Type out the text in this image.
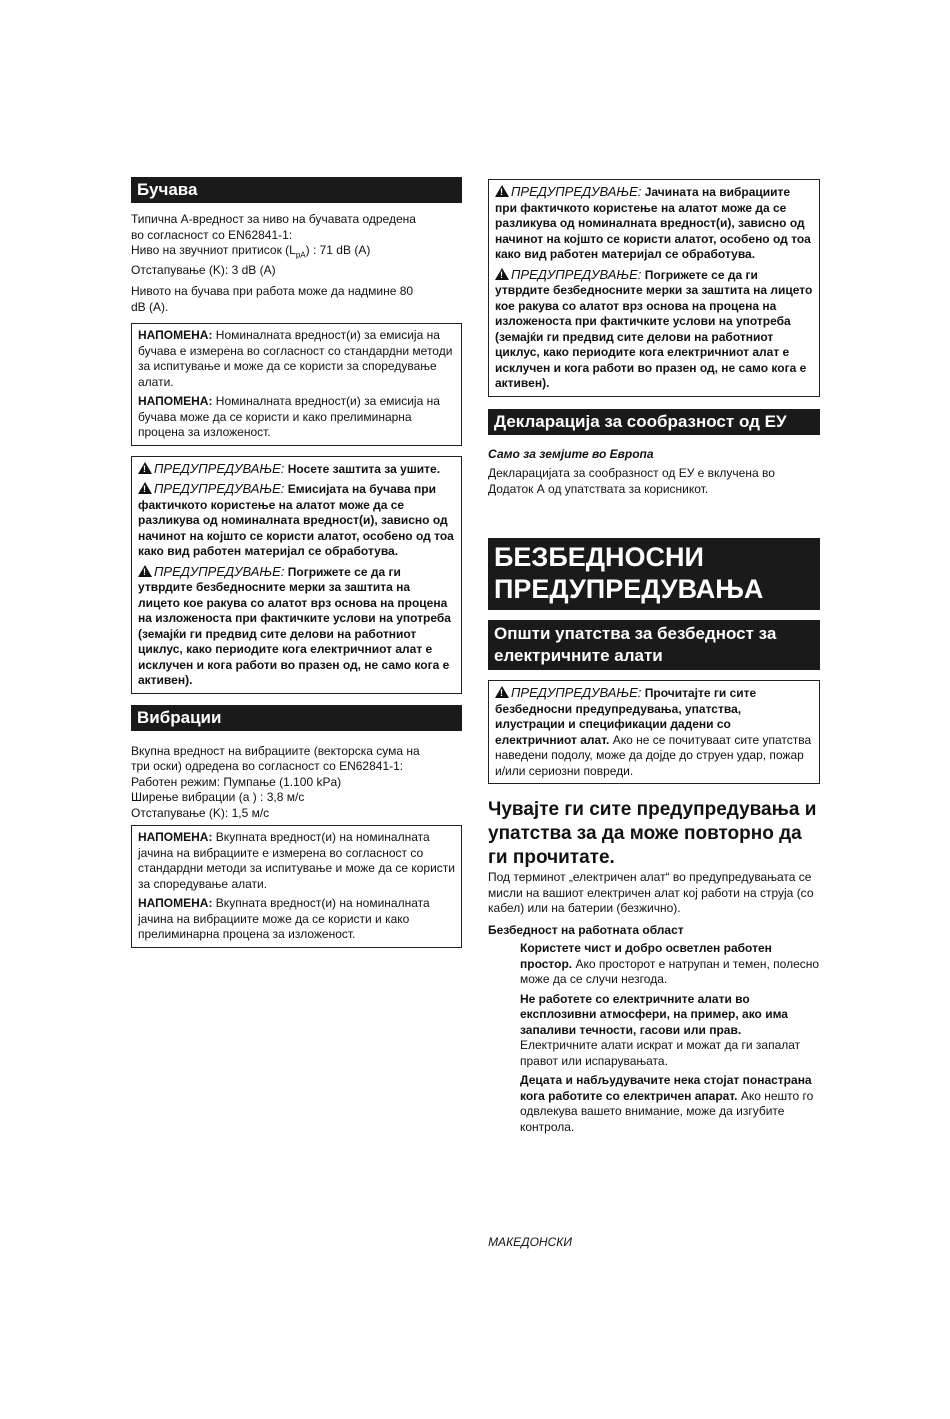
Бучава

Типична A-вредност за ниво на бучавата одредена
во согласност со EN62841-1:
Ниво на звучниот притисок $(L_{pA})$ : 71 dB (A)
Отстапување (K): 3 dB (A)

Нивото на бучава при работа може да надмине 80 dB (A).

НАПОМЕНА: Номиналната вредност(и) за емисија на бучава е измерена во согласност со стандардни методи за испитување и може да се користи за споредување алати.

НАПОМЕНА: Номиналната вредност(и) за емисија на бучава може да се користи и како прелиминарна процена за изложеност.

!ПРЕДУПРЕДУВАЊЕ: Носете заштита за ушите.

!ПРЕДУПРЕДУВАЊЕ: Емисијата на бучава при фактичкото користење на алатот може да се разликува од номиналната вредност(и), зависно од начинот на којшто се користи алатот, особено од тоа како вид работен материјал се обработува.

!ПРЕДУПРЕДУВАЊЕ: Погрижете се да ги утврдите безбедносните мерки за заштита на лицето кое ракува со алатот врз основа на процена на изложеноста при фактичките услови на употреба (земајќи ги предвид сите делови на работниот циклус, како периодите кога електричниот алат е исклучен и кога работи во празен од, не само кога е активен).

Вибрации

Вкупна вредност на вибрациите (векторска сума на
три оски) одредена во согласност со EN62841-1:
Работен режим: Пумпање (1.100 kPa)
Ширење вибрации (a ) : 3,8 м/с
Отстапување (K): 1,5 м/с

НАПОМЕНА: Вкупната вредност(и) на номиналната јачина на вибрациите е измерена во согласност со стандардни методи за испитување и може да се користи за споредување алати.

НАПОМЕНА: Вкупната вредност(и) на номиналната јачина на вибрациите може да се користи и како прелиминарна процена за изложеност.

!ПРЕДУПРЕДУВАЊЕ: Јачината на вибрациите при фактичкото користење на алатот може да се разликува од номиналната вредност(и), зависно од начинот на којшто се користи алатот, особено од тоа како вид работен материјал се обработува.

!ПРЕДУПРЕДУВАЊЕ: Погрижете се да ги утврдите безбедносните мерки за заштита на лицето кое ракува со алатот врз основа на процена на изложеноста при фактичките услови на употреба (земајќи ги предвид сите делови на работниот циклус, како периодите кога електричниот алат е исклучен и кога работи во празен од, не само кога е активен).

Декларација за сообразност од ЕУ

Само за земјите во Европа

Декларацијата за сообразност од ЕУ е вклучена во Додаток А од упатствата за корисникот.

БЕЗБЕДНОСНИ
ПРЕДУПРЕДУВАЊА
Општи упатства за безбедност за
електричните алати

!ПРЕДУПРЕДУВАЊЕ: Прочитајте ги сите безбедносни предупредувања, упатства, илустрации и спецификации дадени со електричниот алат. Ако не се почитуваат сите упатства наведени подолу, може да дојде до струен удар, пожар и/или сериозни повреди.

Чувајте ги сите предупредувања и упатства за да може повторно да ги прочитате.

Под терминот „електричен алат“ во предупредувањата се мисли на вашиот електричен алат кој работи на струја (со кабел) или на батерии (безжично).

Безбедност на работната област

Користете чист и добро осветлен работен простор. Ако просторот е натрупан и темен, полесно може да се случи незгода.

Не работете со електричните алати во експлозивни атмосфери, на пример, ако има запаливи течности, гасови или прав. Електричните алати искрат и можат да ги запалат правот или испарувањата.

Децата и набљудувачите нека стојат понастрана кога работите со електричен апарат. Ако нешто го одвлекува вашето внимание, може да изгубите контрола.

МАКЕДОНСКИ
